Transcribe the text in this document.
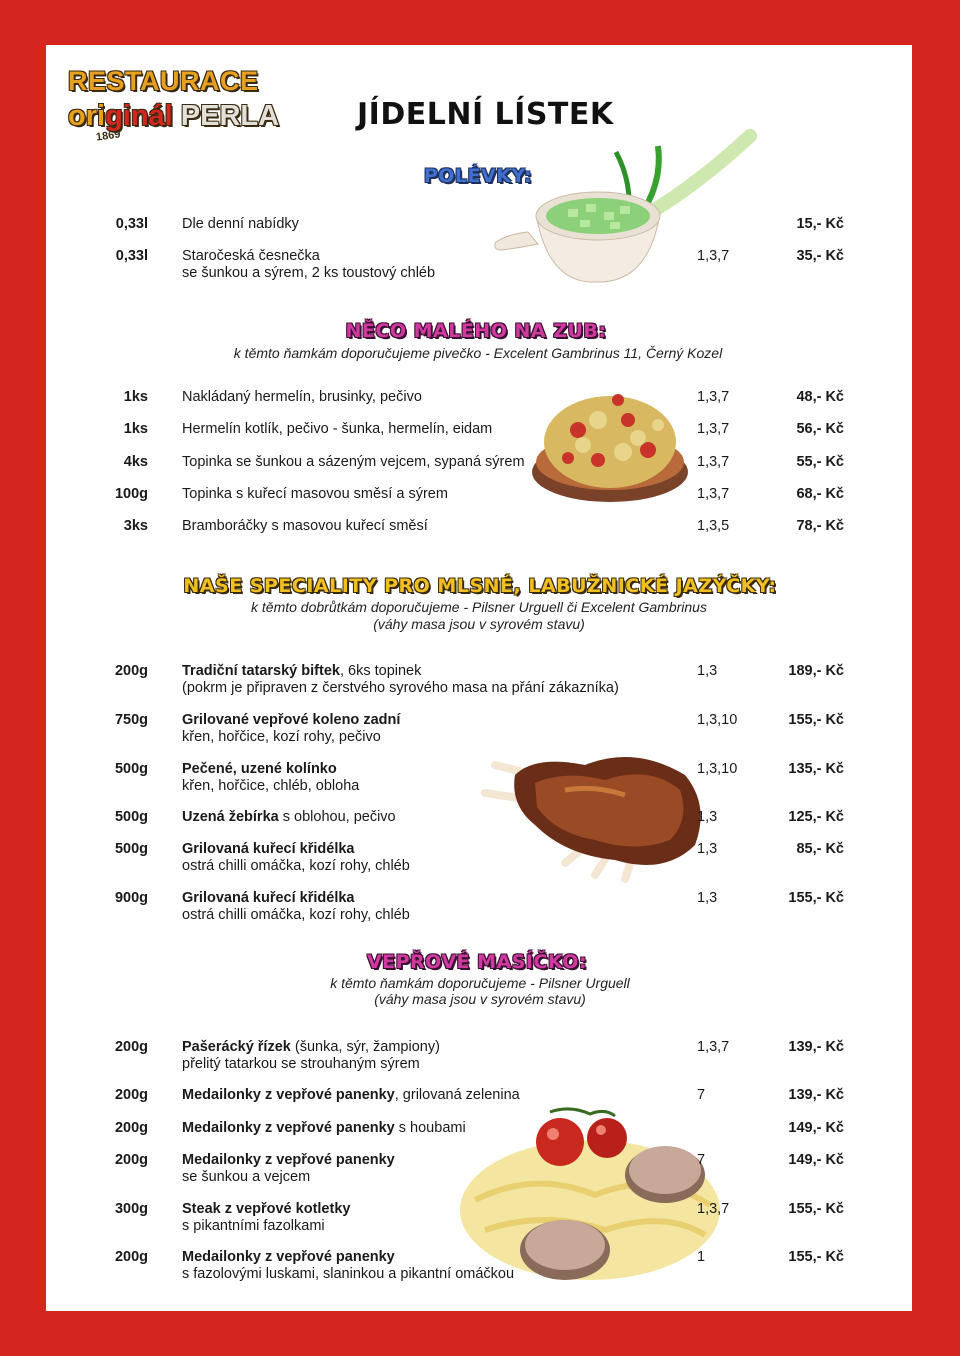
RESTAURACE
originál PERLA
1869
JÍDELNÍ LÍSTEK
POLÉVKY:
0,33l Dle denní nabídky	15,- Kč
0,33l Staročeská česnečka
se šunkou a sýrem, 2 ks toustový chléb
1,3,7	35,- Kč
NĚCO MALÉHO NA ZUB:
k těmto ňamkám doporučujeme pivečko - Excelent Gambrinus 11, Černý Kozel
1ks Nakládaný hermelín, brusinky, pečivo	1,3,7	48,- Kč
1ks Hermelín kotlík, pečivo - šunka, hermelín, eidam	1,3,7	56,- Kč
4ks Topinka se šunkou a sázeným vejcem, sypaná sýrem	1,3,7	55,- Kč
100g Topinka s kuřecí masovou směsí a sýrem	1,3,7	68,- Kč
3ks Bramboráčky s masovou kuřecí směsí	1,3,5	78,- Kč
NAŠE SPECIALITY PRO MLSNÉ, LABUŽNICKÉ JAZÝČKY:
k těmto dobrůtkám doporučujeme - Pilsner Urguell či Excelent Gambrinus
(váhy masa jsou v syrovém stavu)
200g Tradiční tatarský biftek, 6ks topinek
(pokrm je připraven z čerstvého syrového masa na přání zákazníka)
1,3	189,- Kč
750g Grilované vepřové koleno zadní
křen, hořčice, kozí rohy, pečivo
1,3,10	155,- Kč
500g Pečené, uzené kolínko
křen, hořčice, chléb, obloha
1,3,10	135,- Kč
500g Uzená žebírka s oblohou, pečivo	1,3	125,- Kč
500g Grilovaná kuřecí křidélka
ostrá chilli omáčka, kozí rohy, chléb
1,3	85,- Kč
900g Grilovaná kuřecí křidélka
ostrá chilli omáčka, kozí rohy, chléb
1,3	155,- Kč
VEPŘOVÉ MASÍČKO:
k těmto ňamkám doporučujeme - Pilsner Urguell
(váhy masa jsou v syrovém stavu)
200g Pašerácký řízek (šunka, sýr, žampiony)
přelitý tatarkou se strouhaným sýrem
1,3,7	139,- Kč
200g Medailonky z vepřové panenky, grilovaná zelenina	7	139,- Kč
200g Medailonky z vepřové panenky s houbami	149,- Kč
200g Medailonky z vepřové panenky
se šunkou a vejcem
7	149,- Kč
300g Steak z vepřové kotletky
s pikantními fazolkami
1,3,7	155,- Kč
200g Medailonky z vepřové panenky
s fazolovými luskami, slaninkou a pikantní omáčkou
1	155,- Kč
